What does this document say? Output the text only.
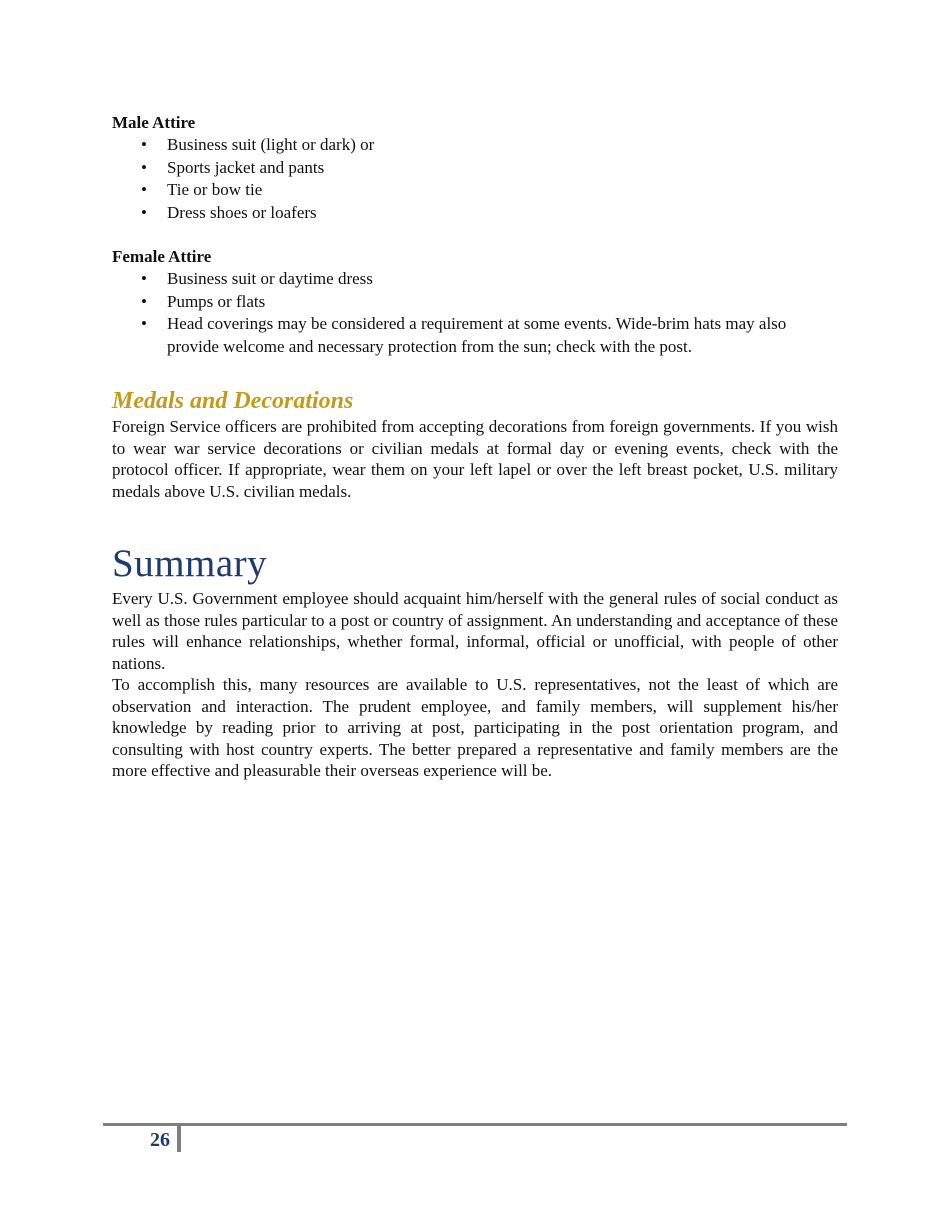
Male Attire
• Business suit (light or dark) or
• Sports jacket and pants
• Tie or bow tie
• Dress shoes or loafers
Female Attire
• Business suit or daytime dress
• Pumps or flats
• Head coverings may be considered a requirement at some events. Wide-brim hats may also provide welcome and necessary protection from the sun; check with the post.
Medals and Decorations

Foreign Service officers are prohibited from accepting decorations from foreign governments. If you wish to wear war service decorations or civilian medals at formal day or evening events, check with the protocol officer. If appropriate, wear them on your left lapel or over the left breast pocket, U.S. military medals above U.S. civilian medals.

Summary

Every U.S. Government employee should acquaint him/herself with the general rules of social conduct as well as those rules particular to a post or country of assignment. An understanding and acceptance of these rules will enhance relationships, whether formal, informal, official or unofficial, with people of other nations.

To accomplish this, many resources are available to U.S. representatives, not the least of which are observation and interaction. The prudent employee, and family members, will supplement his/her knowledge by reading prior to arriving at post, participating in the post orientation program, and consulting with host country experts. The better prepared a representative and family members are the more effective and pleasurable their overseas experience will be.

26
